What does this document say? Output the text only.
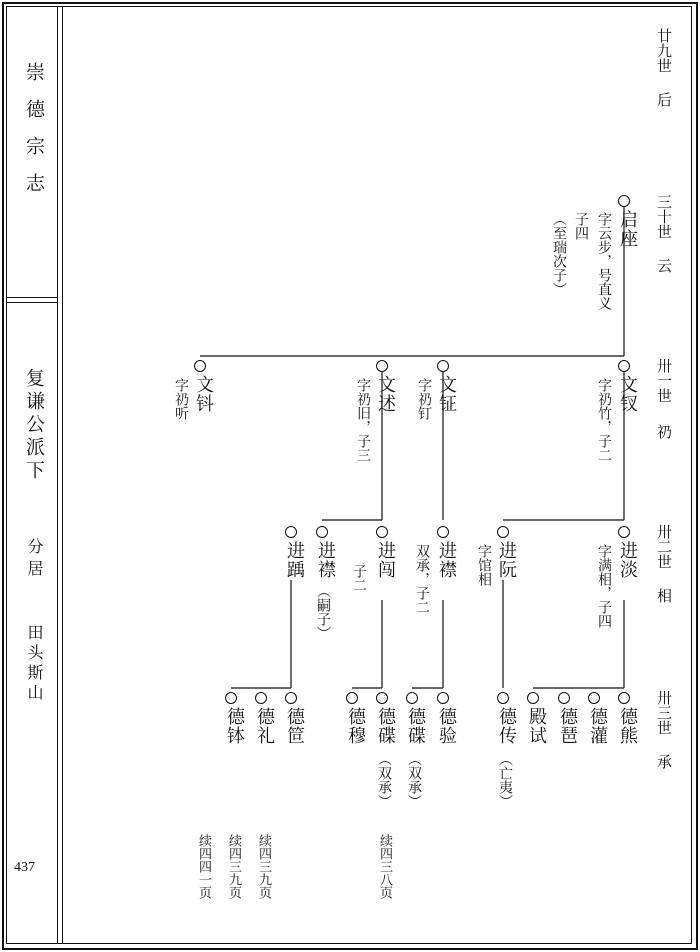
崇德宗志
复谦公派下
分居
田头斯山
437
廿九世
后
三十世
云
卅一世
礽
卅二世
相
卅三世
承
启座
字云步，号直义
子四
（至瑞次子）
文钗
字礽竹，子二
文钲
字礽钉
文述
字礽旧，子三
文钭
字礽听
进淡
字满相，子四
进阮
字馆相
进襟
双承，子二
进闯
子二
进襟
（嗣子）
进踽
德熊
德灌
德琶
殿试
德传
（亡夷）
德验
德碟
（双承）
德碟
（双承）
德穆
德笸
德礼
德钵
续四三八页
续四三九页
续四三九页
续四四一页
